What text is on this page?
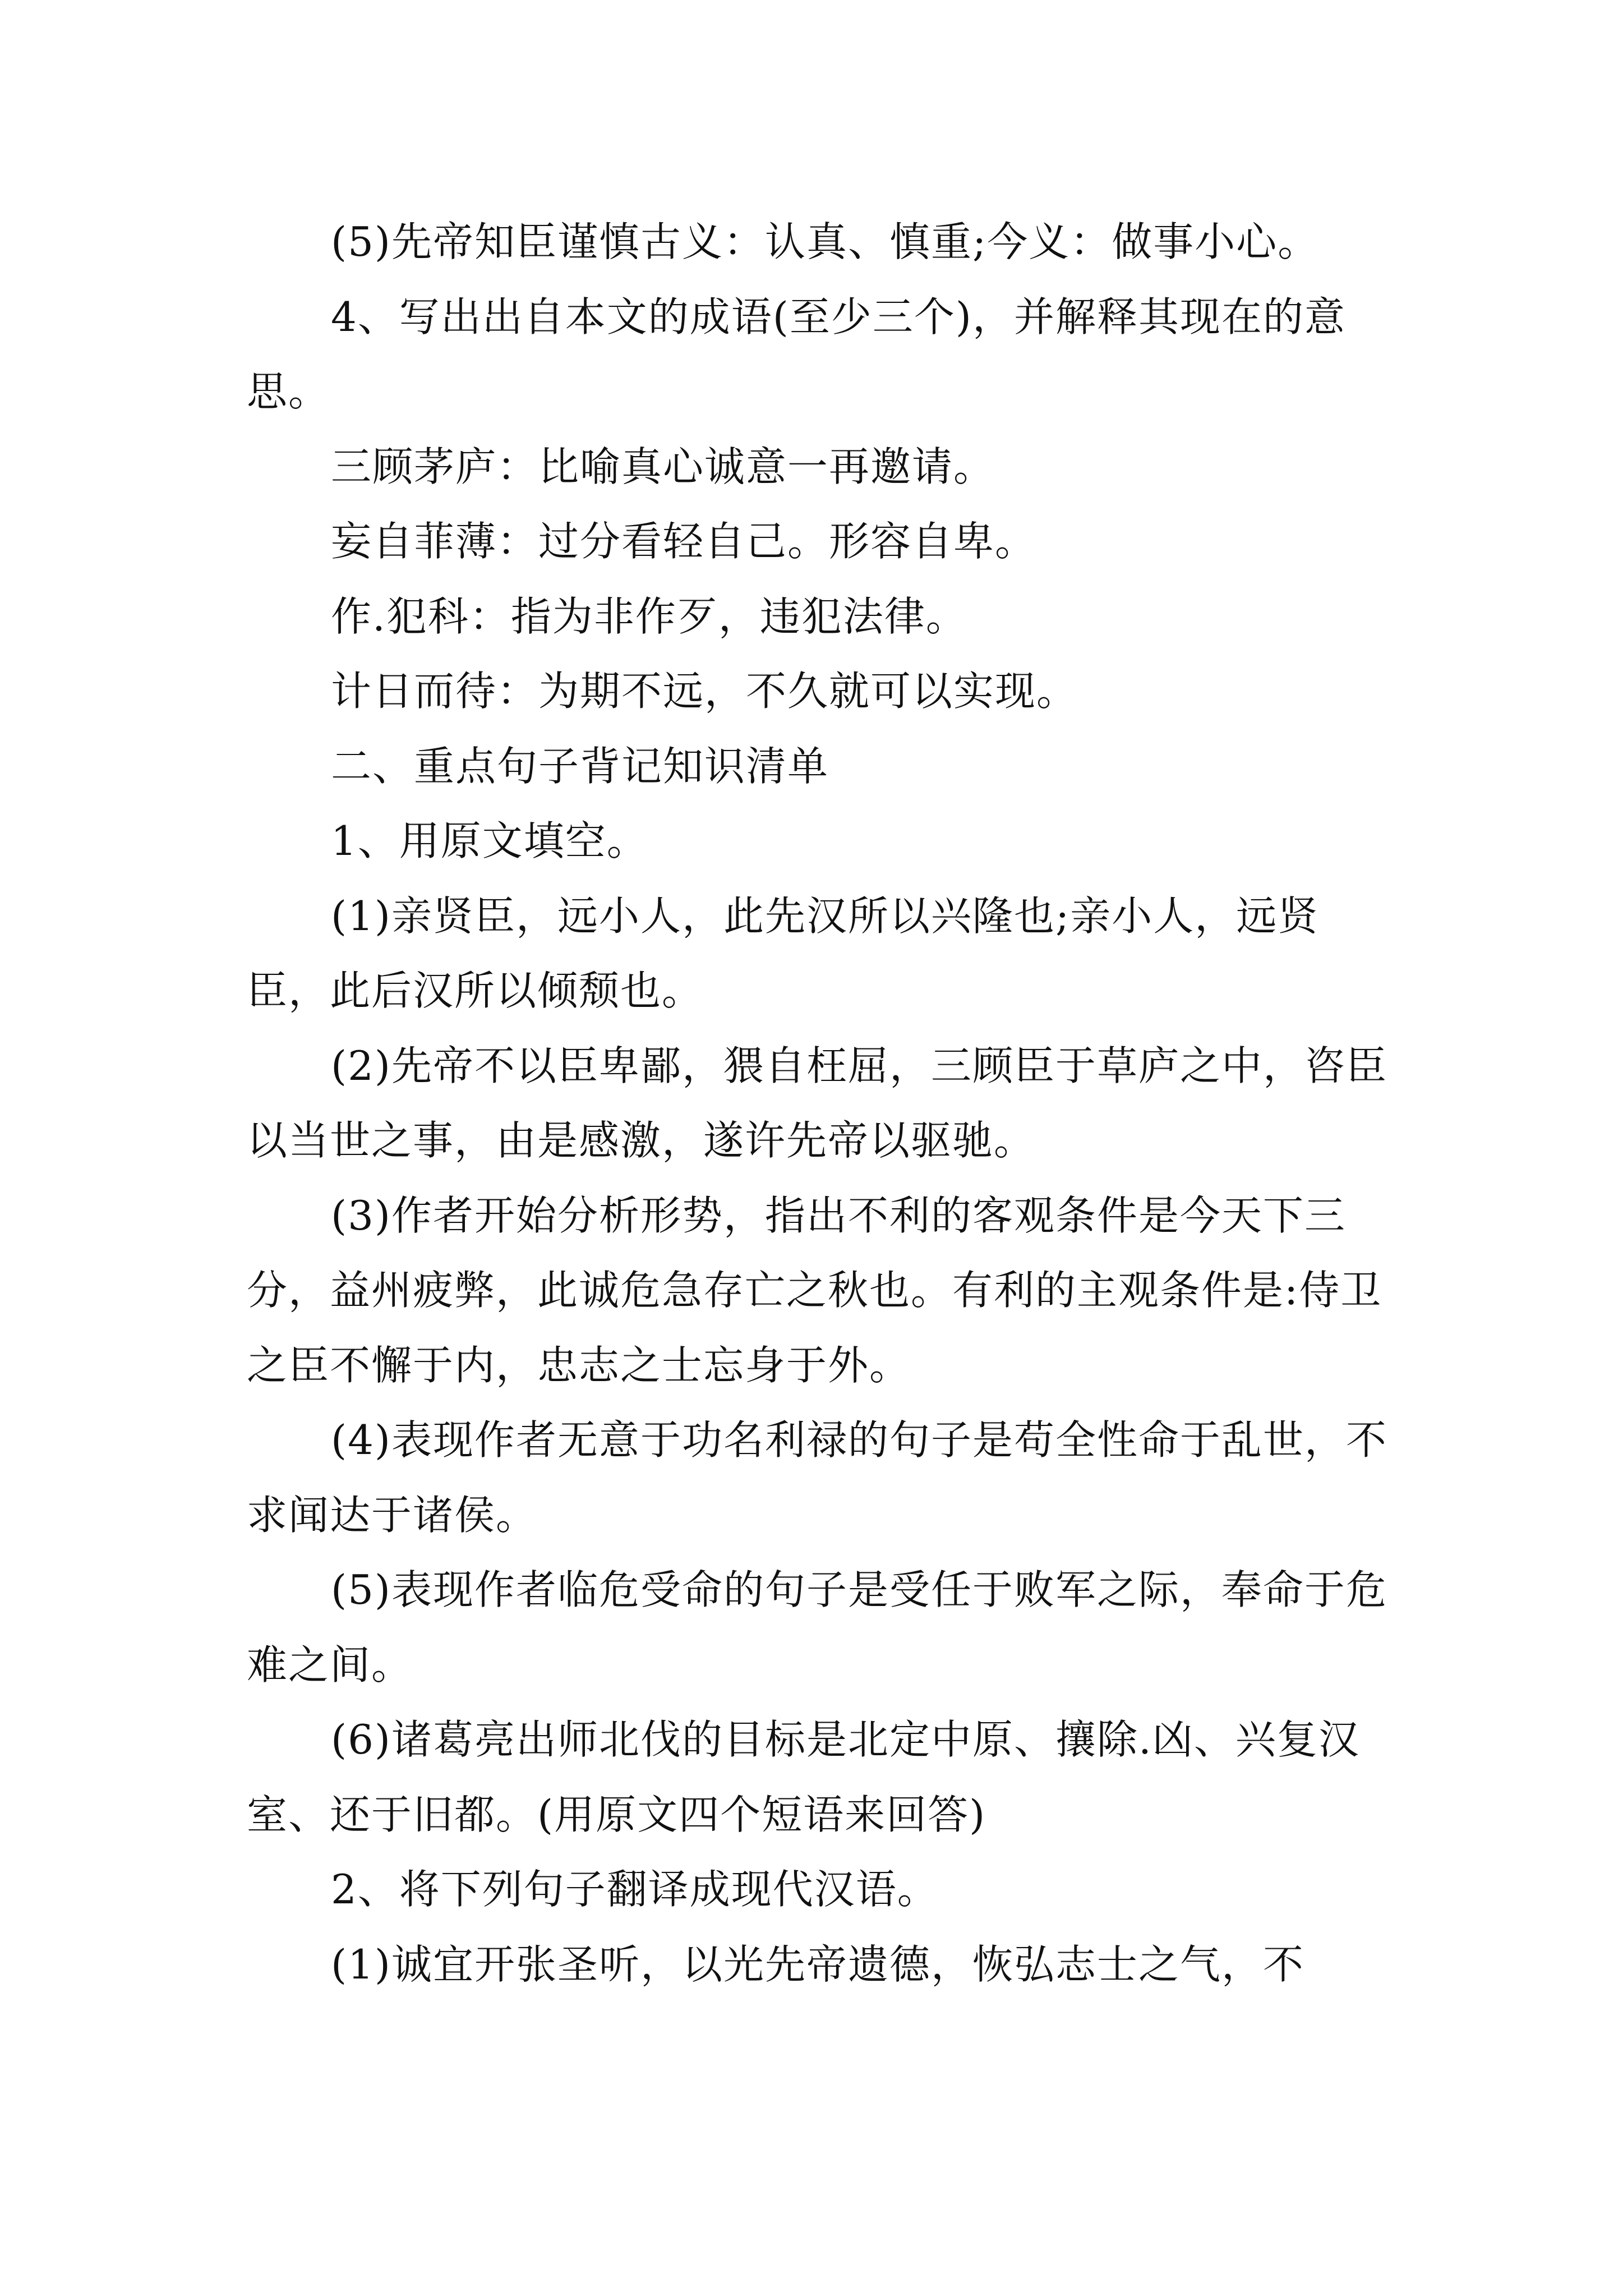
(5)先帝知臣谨慎古义：认真、慎重;今义：做事小心。

4、写出出自本文的成语(至少三个)，并解释其现在的意思。

三顾茅庐：比喻真心诚意一再邀请。

妄自菲薄：过分看轻自己。形容自卑。

作.犯科：指为非作歹，违犯法律。

计日而待：为期不远，不久就可以实现。

二、重点句子背记知识清单

1、用原文填空。

(1)亲贤臣，远小人，此先汉所以兴隆也;亲小人，远贤臣，此后汉所以倾颓也。

(2)先帝不以臣卑鄙，猥自枉屈，三顾臣于草庐之中，咨臣以当世之事，由是感激，遂许先帝以驱驰。

(3)作者开始分析形势，指出不利的客观条件是今天下三分，益州疲弊，此诚危急存亡之秋也。有利的主观条件是:侍卫之臣不懈于内，忠志之士忘身于外。

(4)表现作者无意于功名利禄的句子是苟全性命于乱世，不求闻达于诸侯。

(5)表现作者临危受命的句子是受任于败军之际，奉命于危难之间。

(6)诸葛亮出师北伐的目标是北定中原、攘除.凶、兴复汉室、还于旧都。(用原文四个短语来回答)

2、将下列句子翻译成现代汉语。

(1)诚宜开张圣听，以光先帝遗德，恢弘志士之气，不
